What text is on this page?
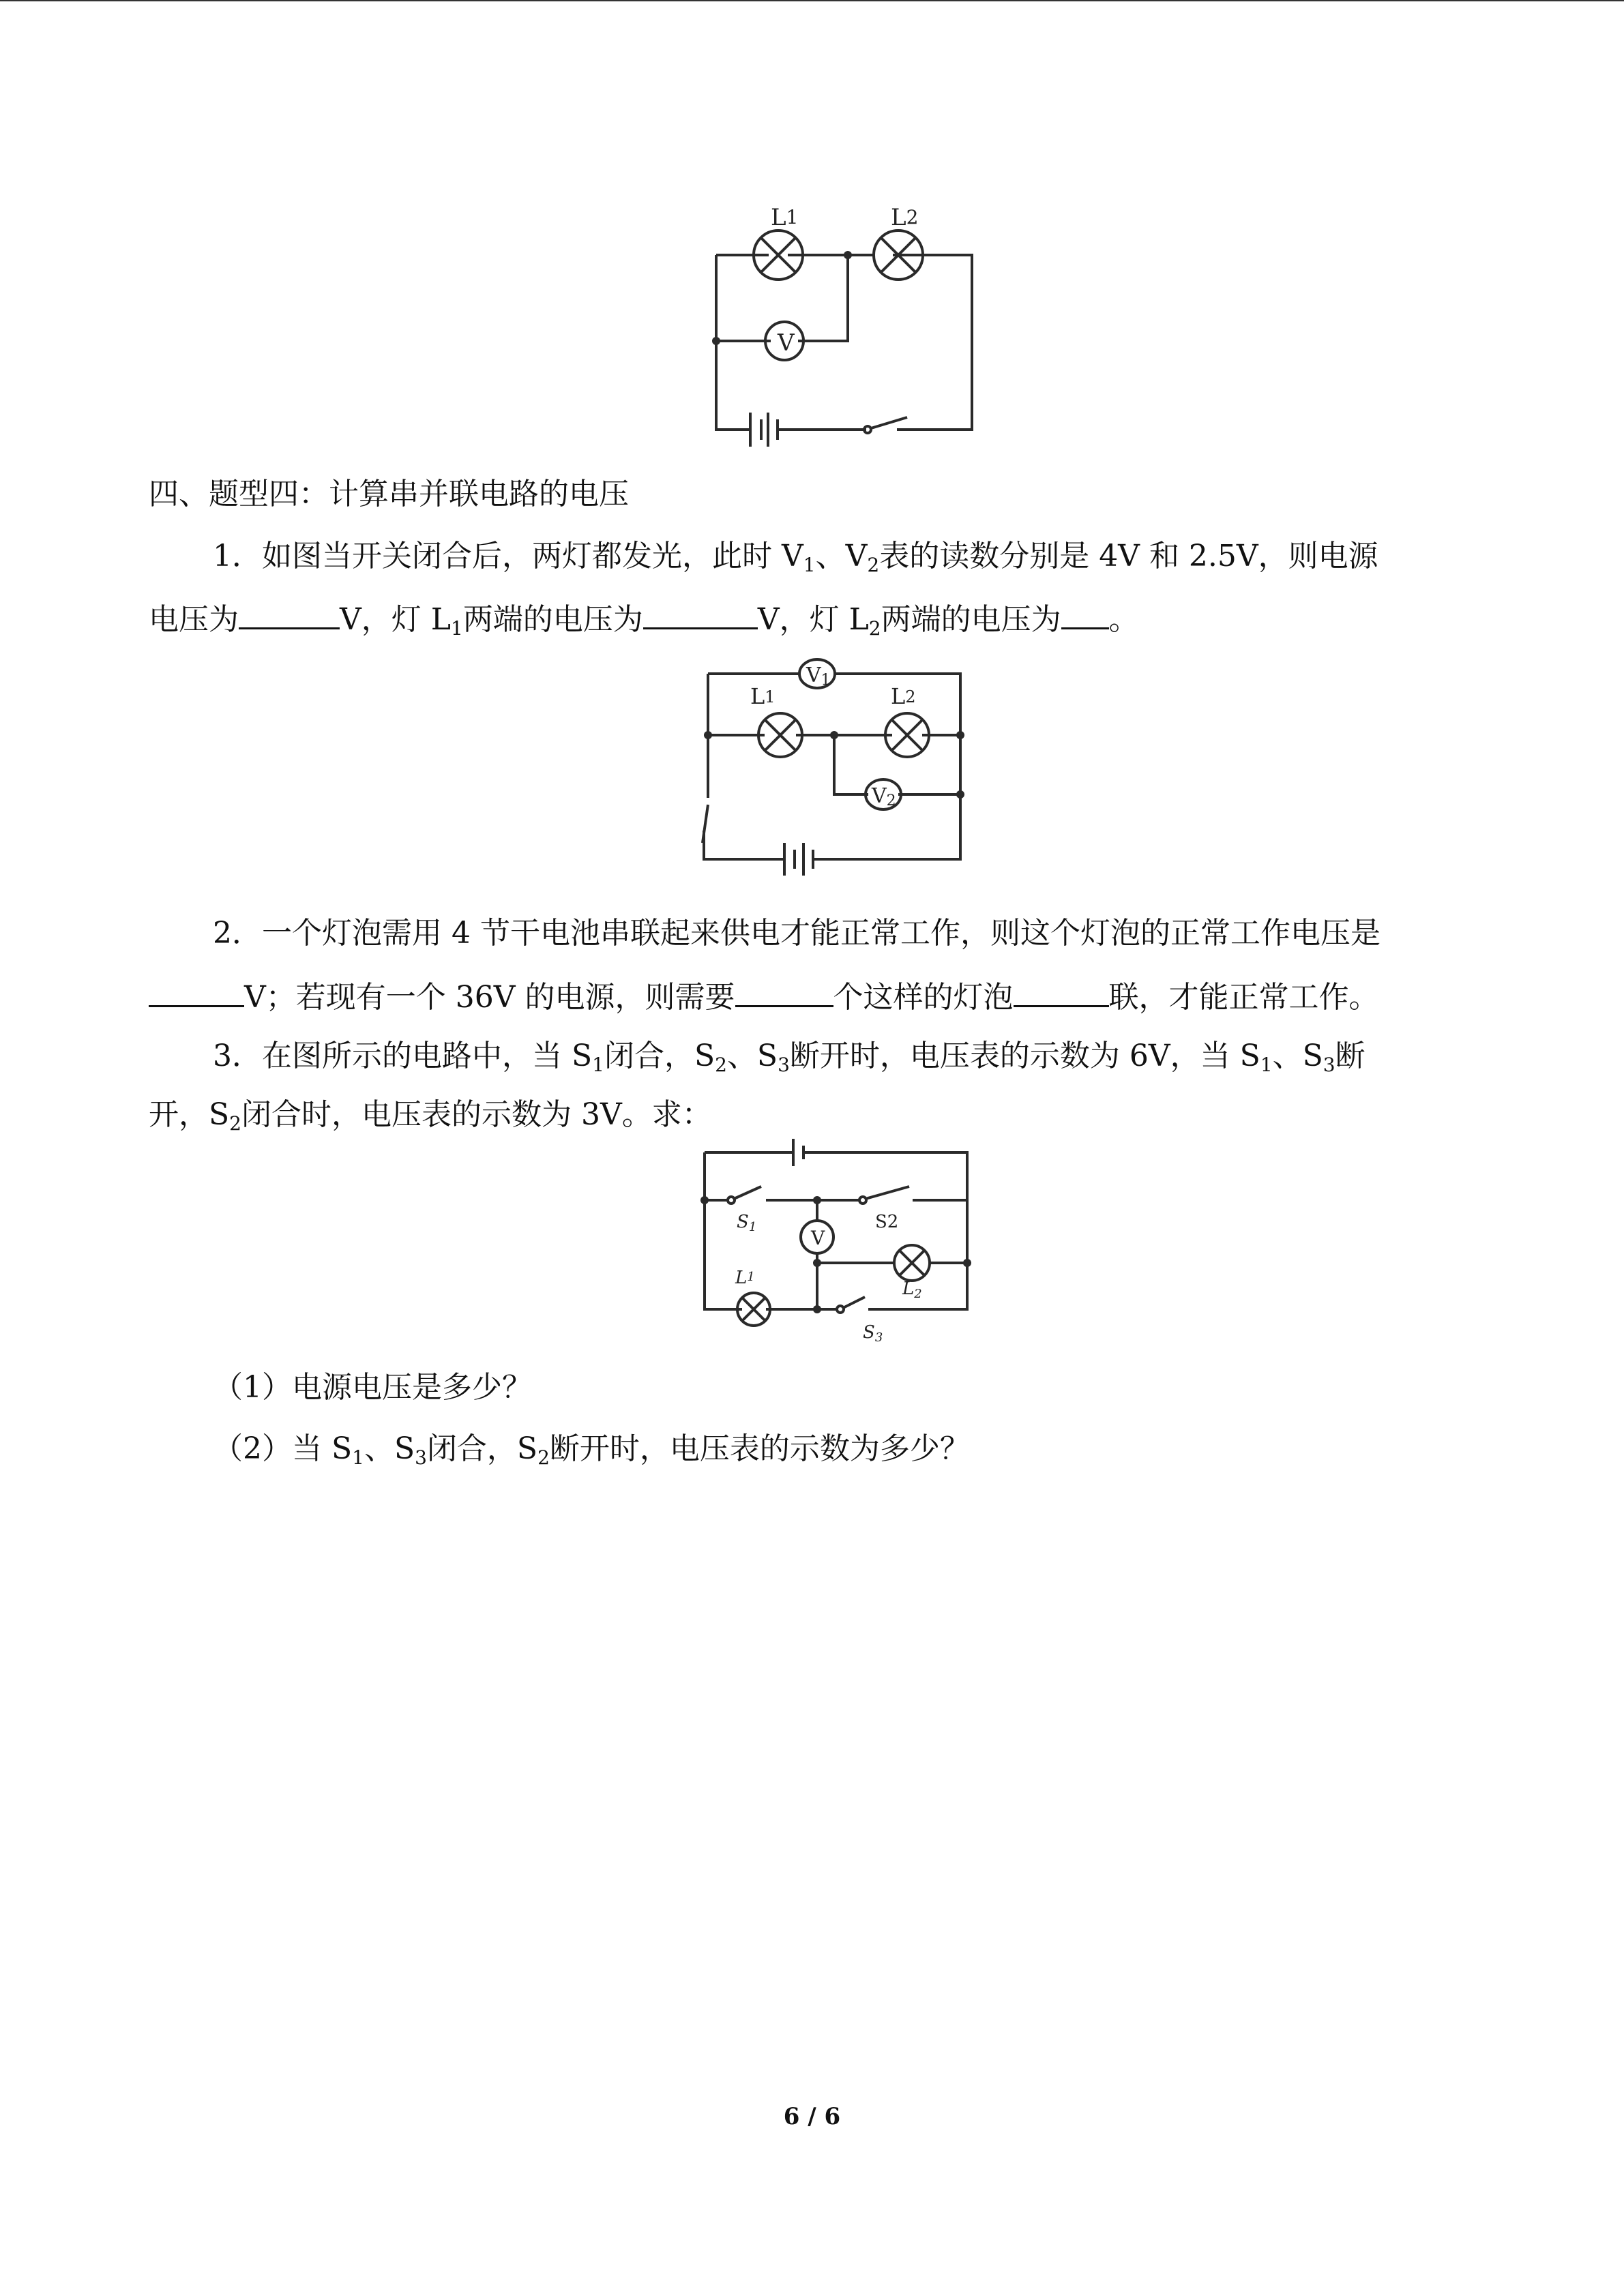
V
L1	L2
四、题型四：计算串并联电路的电压
1．如图当开关闭合后，两灯都发光，此时 $V_1$、$V_2$表的读数分别是 4V 和 2.5V，则电源
电压为	V，灯 $L_1$两端的电压为	V，灯 $L_2$两端的电压为 。
V1
V2
L1	L2
2．一个灯泡需用 4 节干电池串联起来供电才能正常工作，则这个灯泡的正常工作电压是
V；若现有一个 36V 的电源，则需要	个这样的灯泡	联，才能正常工作。
3．在图所示的电路中，当 $S_1$闭合，$S_2$、$S_3$断开时，电压表的示数为 6V，当 $S_1$、$S_3$断
开，$S_2$闭合时，电压表的示数为 3V。求：
V
S1	S2
S3
L1
L2
（1）电源电压是多少？
（2）当 $S_1$、$S_3$闭合，$S_2$断开时，电压表的示数为多少？
6 / 6
